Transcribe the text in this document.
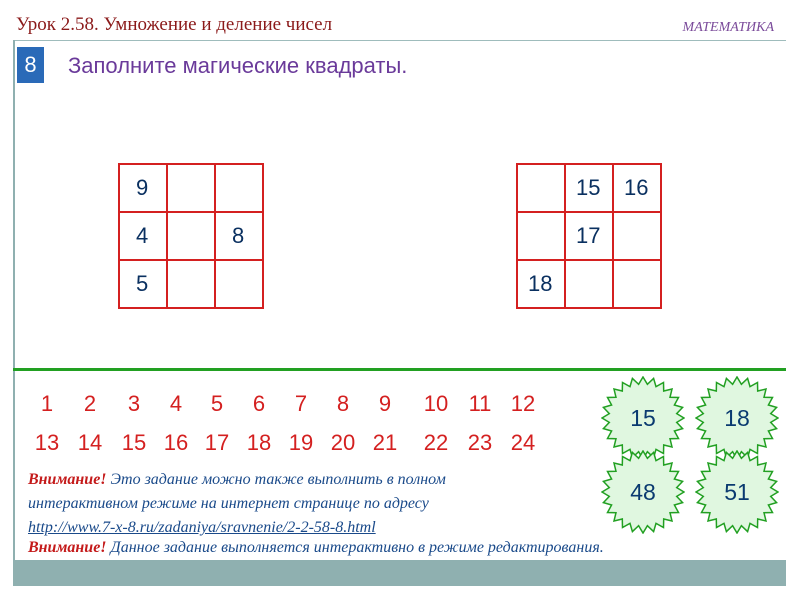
Урок 2.58. Умножение и деление чисел	МАТЕМАТИКА
8	Заполните магические квадраты.
9		
4		8
5		
	15	16
	17	
18		
1	2	3	4	5	6	7	8	9	10 11 12
13 14 15 16 17 18 19 20 21 22 23 24
15	18
48	51
Внимание! Это задание можно также выполнить в полном
интерактивном режиме на интернет странице по адресу
http://www.7-x-8.ru/zadaniya/sravnenie/2-2-58-8.html
Внимание! Данное задание выполняется интерактивно в режиме редактирования.
